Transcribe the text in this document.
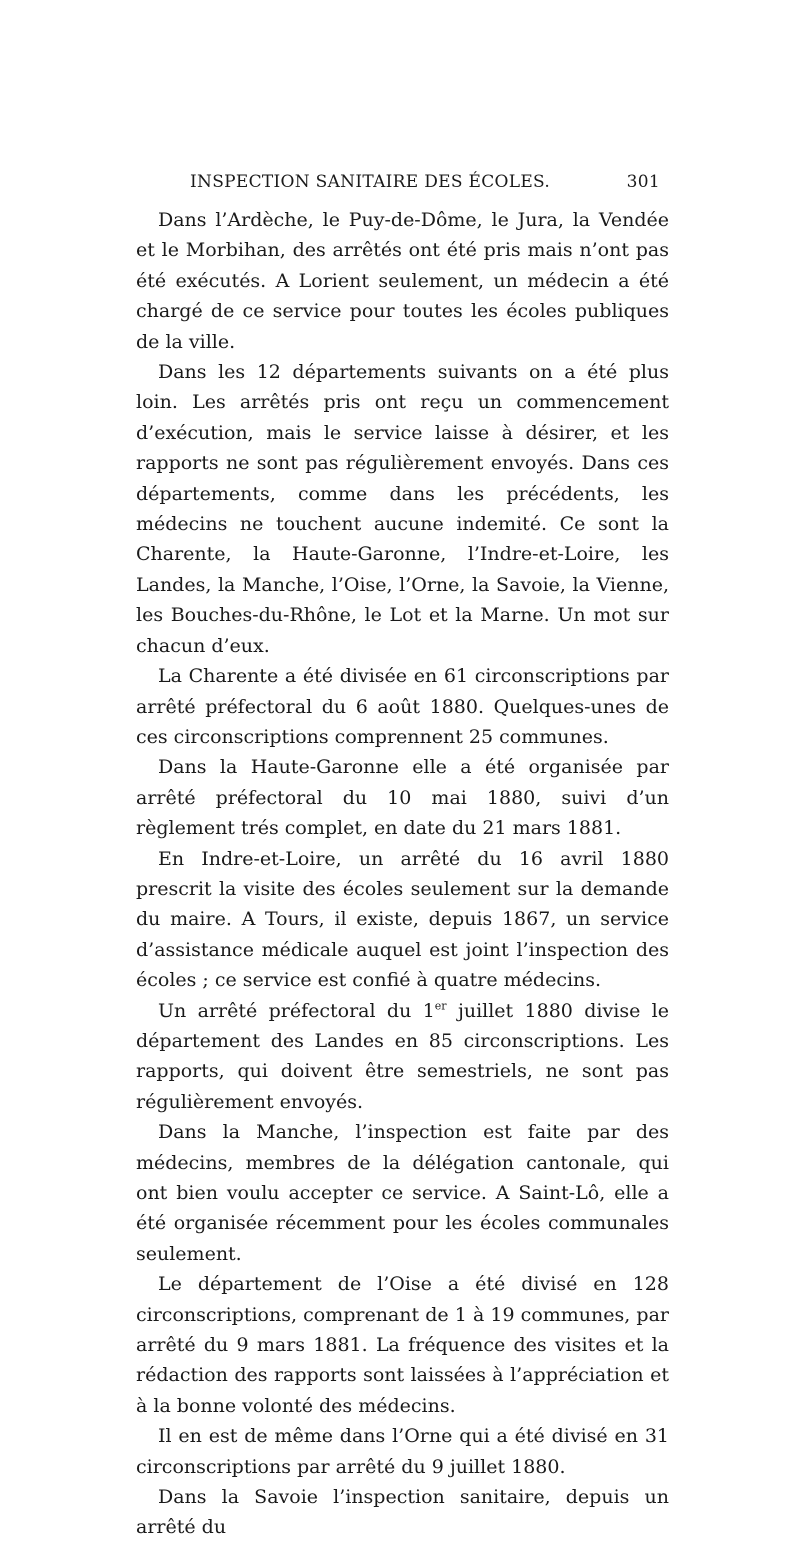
INSPECTION SANITAIRE DES ÉCOLES.	301

Dans l’Ardèche, le Puy-de-Dôme, le Jura, la Vendée et le Morbihan, des arrêtés ont été pris mais n’ont pas été exécutés. A Lorient seulement, un médecin a été chargé de ce service pour toutes les écoles publiques de la ville.

Dans les 12 départements suivants on a été plus loin. Les arrêtés pris ont reçu un commencement d’exécution, mais le service laisse à désirer, et les rapports ne sont pas régulièrement envoyés. Dans ces départements, comme dans les précédents, les médecins ne touchent aucune indemité. Ce sont la Charente, la Haute-Garonne, l’Indre-et-Loire, les Landes, la Manche, l’Oise, l’Orne, la Savoie, la Vienne, les Bouches-du-Rhône, le Lot et la Marne. Un mot sur chacun d’eux.

La Charente a été divisée en 61 circonscriptions par arrêté préfectoral du 6 août 1880. Quelques-unes de ces circonscriptions comprennent 25 communes.

Dans la Haute-Garonne elle a été organisée par arrêté préfectoral du 10 mai 1880, suivi d’un règlement trés complet, en date du 21 mars 1881.

En Indre-et-Loire, un arrêté du 16 avril 1880 prescrit la visite des écoles seulement sur la demande du maire. A Tours, il existe, depuis 1867, un service d’assistance médicale auquel est joint l’inspection des écoles ; ce service est confié à quatre médecins.

Un arrêté préfectoral du 1er juillet 1880 divise le département des Landes en 85 circonscriptions. Les rapports, qui doivent être semestriels, ne sont pas régulièrement envoyés.

Dans la Manche, l’inspection est faite par des médecins, membres de la délégation cantonale, qui ont bien voulu accepter ce service. A Saint-Lô, elle a été organisée récemment pour les écoles communales seulement.

Le département de l’Oise a été divisé en 128 circonscriptions, comprenant de 1 à 19 communes, par arrêté du 9 mars 1881. La fréquence des visites et la rédaction des rapports sont laissées à l’appréciation et à la bonne volonté des médecins.

Il en est de même dans l’Orne qui a été divisé en 31 circonscriptions par arrêté du 9 juillet 1880.

Dans la Savoie l’inspection sanitaire, depuis un arrêté du
